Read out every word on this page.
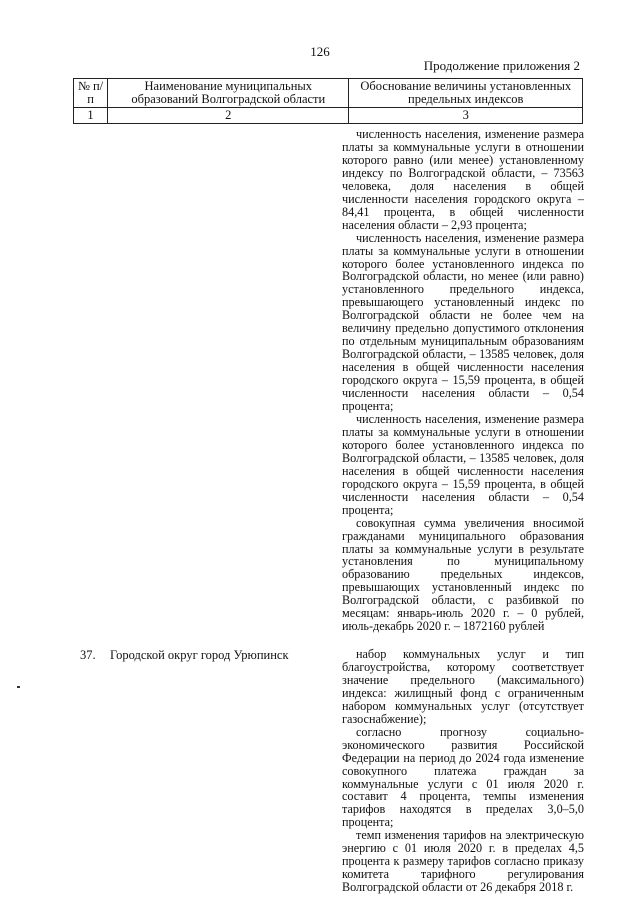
126
Продолжение приложения 2
№ п/п	Наименование муниципальных образований Волгоградской области	Обоснование величины установленных предельных индексов
1	2	3

численность населения, изменение размера платы за коммунальные услуги в отношении которого равно (или менее) установленному индексу по Волгоградской области, – 73563 человека, доля населения в общей численности населения городского округа – 84,41 процента, в общей численности населения области – 2,93 процента;

численность населения, изменение размера платы за коммунальные услуги в отношении которого более установленного индекса по Волгоградской области, но менее (или равно) установленного предельного индекса, превышающего установленный индекс по Волгоградской области не более чем на величину предельно допустимого отклонения по отдельным муниципальным образованиям Волгоградской области, – 13585 человек, доля населения в общей численности населения городского округа – 15,59 процента, в общей численности населения области – 0,54 процента;

численность населения, изменение размера платы за коммунальные услуги в отношении которого более установленного индекса по Волгоградской области, – 13585 человек, доля населения в общей численности населения городского округа – 15,59 процента, в общей численности населения области – 0,54 процента;

совокупная сумма увеличения вносимой гражданами муниципального образования платы за коммунальные услуги в результате установления по муниципальному образованию предельных индексов, превышающих установленный индекс по Волгоградской области, с разбивкой по месяцам: январь-июль 2020 г. – 0 рублей, июль-декабрь 2020 г. – 1872160 рублей

37. Городской округ город Урюпинск	набор коммунальных услуг и тип благоустройства, которому соответствует значение предельного (максимального) индекса: жилищный фонд с ограниченным набором коммунальных услуг (отсутствует газоснабжение);

согласно прогнозу социально-экономического развития Российской Федерации на период до 2024 года изменение совокупного платежа граждан за коммунальные услуги с 01 июля 2020 г. составит 4 процента, темпы изменения тарифов находятся в пределах 3,0–5,0 процента;

темп изменения тарифов на электрическую энергию с 01 июля 2020 г. в пределах 4,5 процента к размеру тарифов согласно приказу комитета тарифного регулирования Волгоградской области от 26 декабря 2018 г.
